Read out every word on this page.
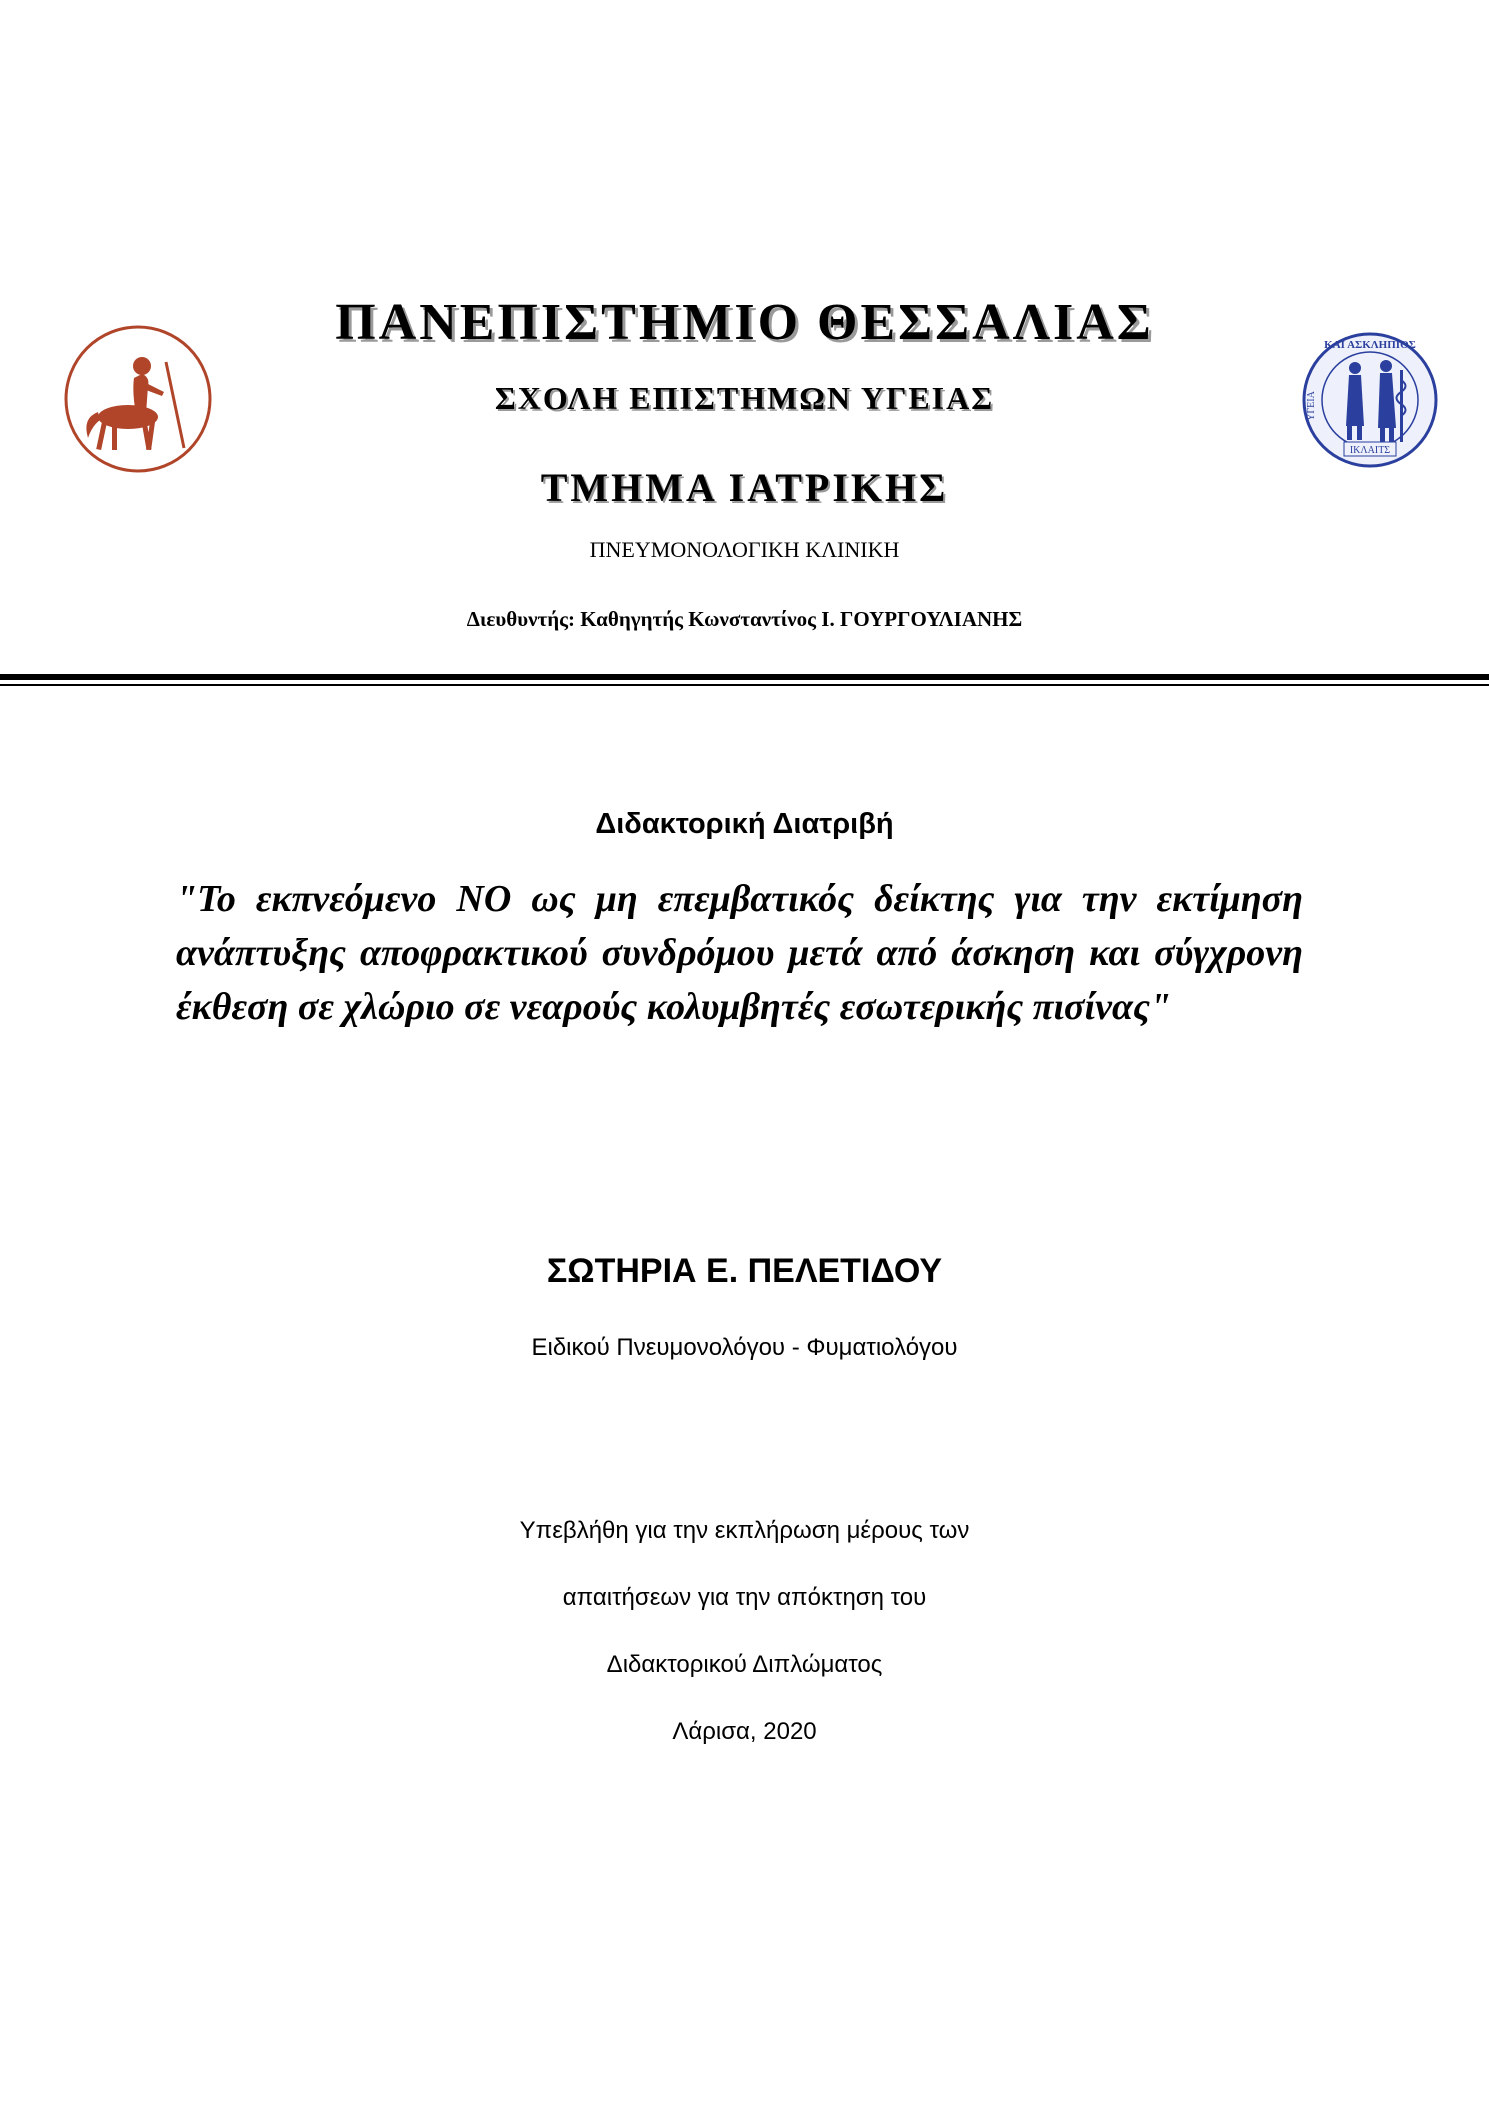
ΚΑΙ ΑΣΚΛΗΠΙΟΣ
ΥΓΕΙΑ
ΙΚΛΑΙΤΣ
ΠΑΝΕΠΙΣΤΗΜΙΟ ΘΕΣΣΑΛΙΑΣ
ΣΧΟΛΗ ΕΠΙΣΤΗΜΩΝ ΥΓΕΙΑΣ
ΤΜΗΜΑ ΙΑΤΡΙΚΗΣ
ΠΝΕΥΜΟΝΟΛΟΓΙΚΗ ΚΛΙΝΙΚΗ
Διευθυντής: Καθηγητής Κωνσταντίνος Ι. ΓΟΥΡΓΟΥΛΙΑΝΗΣ
Διδακτορική Διατριβή
"Το εκπνεόμενο NO ως μη επεμβατικός δείκτης για την εκτίμηση ανάπτυξης αποφρακτικού συνδρόμου μετά από άσκηση και σύγχρονη έκθεση σε χλώριο σε νεαρούς κολυμβητές εσωτερικής πισίνας"
ΣΩΤΗΡΙΑ Ε. ΠΕΛΕΤΙΔΟΥ
Ειδικού Πνευμονολόγου - Φυματιολόγου
Υπεβλήθη για την εκπλήρωση μέρους των
απαιτήσεων για την απόκτηση του
Διδακτορικού Διπλώματος
Λάρισα, 2020
